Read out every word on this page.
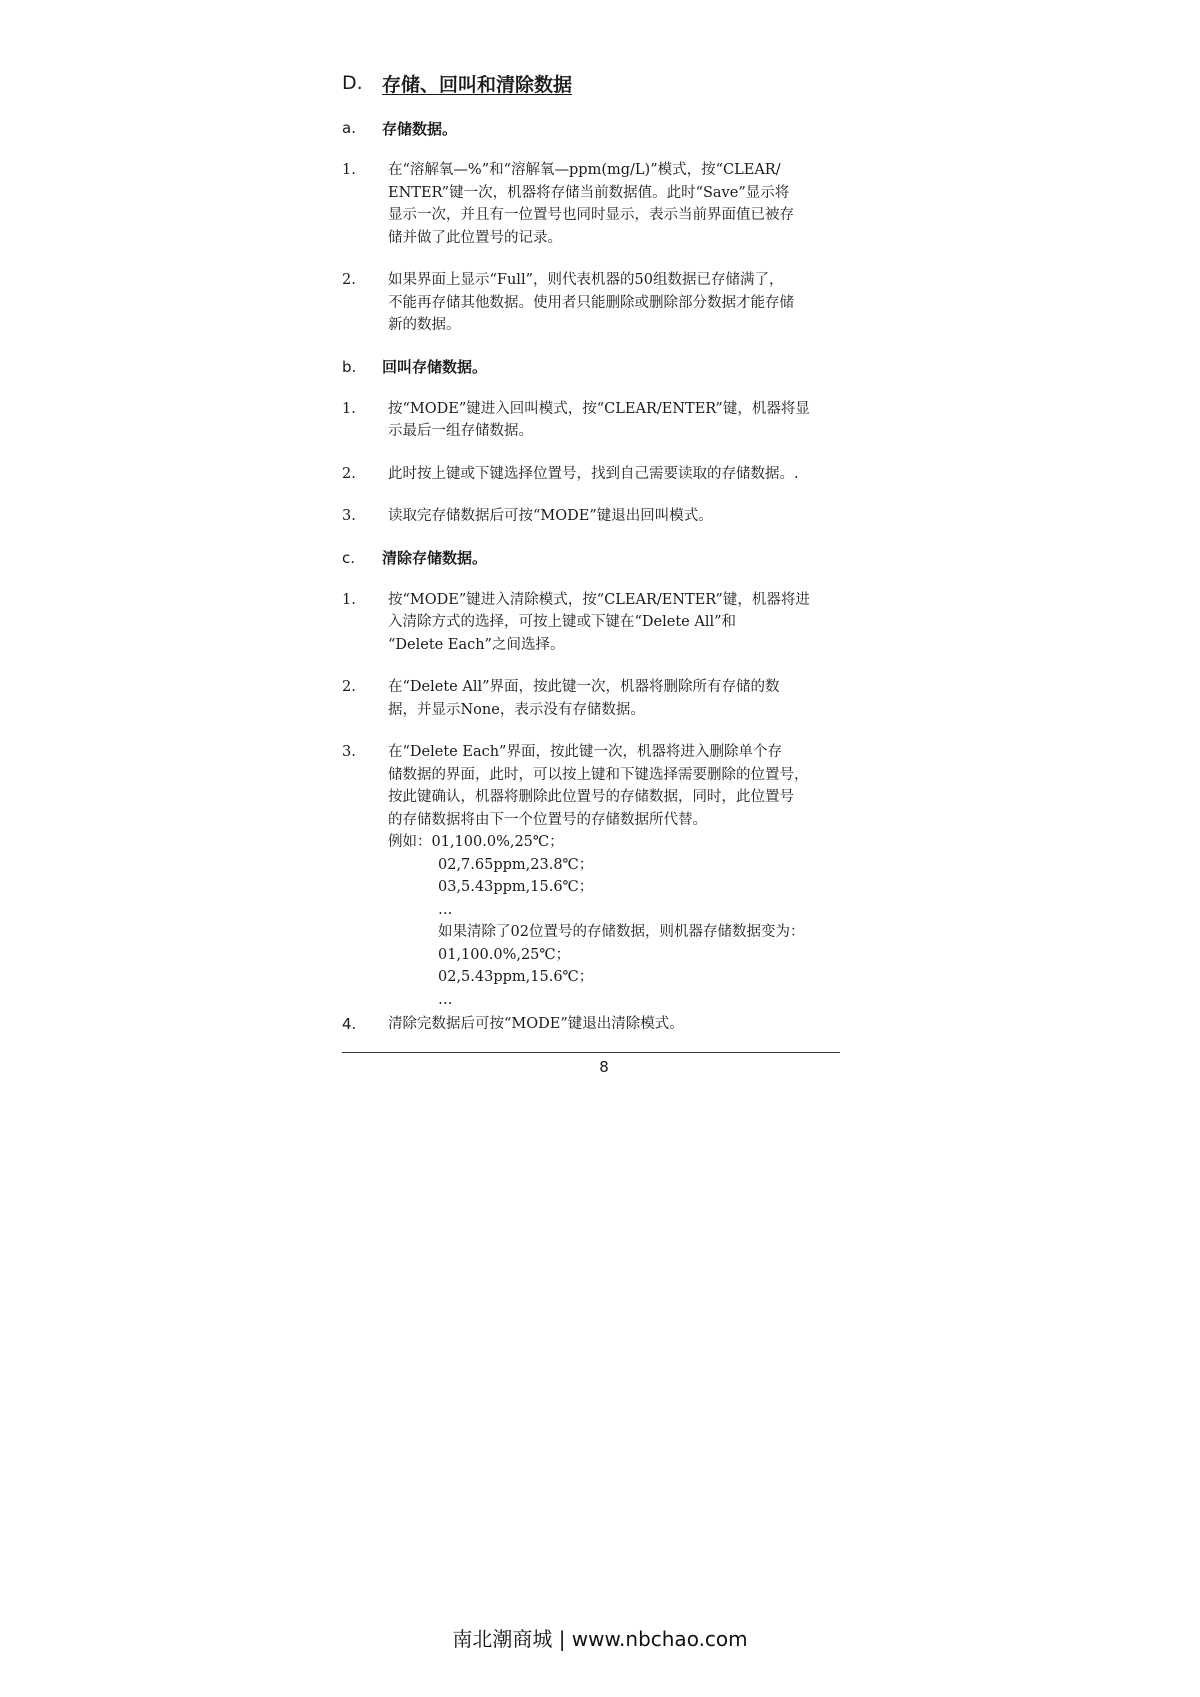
D.	存储、回叫和清除数据
a.	存储数据。
1.	在“溶解氧—%”和“溶解氧—ppm(mg/L)”模式，按“CLEAR/
ENTER”键一次，机器将存储当前数据值。此时“Save”显示将
显示一次，并且有一位置号也同时显示，表示当前界面值已被存
储并做了此位置号的记录。
2.	如果界面上显示“Full”，则代表机器的50组数据已存储满了，
不能再存储其他数据。使用者只能删除或删除部分数据才能存储
新的数据。
b.	回叫存储数据。
1.	按“MODE”键进入回叫模式，按“CLEAR/ENTER”键，机器将显
示最后一组存储数据。
2.	此时按上键或下键选择位置号，找到自己需要读取的存储数据。.
3.	读取完存储数据后可按“MODE”键退出回叫模式。
c.	清除存储数据。
1.	按“MODE”键进入清除模式，按“CLEAR/ENTER”键，机器将进
入清除方式的选择，可按上键或下键在“Delete All”和
“Delete Each”之间选择。
2.	在“Delete All”界面，按此键一次，机器将删除所有存储的数
据，并显示None，表示没有存储数据。
3.	在“Delete Each”界面，按此键一次，机器将进入删除单个存
储数据的界面，此时，可以按上键和下键选择需要删除的位置号，
按此键确认，机器将删除此位置号的存储数据，同时，此位置号
的存储数据将由下一个位置号的存储数据所代替。
例如：01,100.0%,25℃；
02,7.65ppm,23.8℃；
03,5.43ppm,15.6℃；
…
如果清除了02位置号的存储数据，则机器存储数据变为：
01,100.0%,25℃；
02,5.43ppm,15.6℃；
…
4.	清除完数据后可按“MODE”键退出清除模式。
8
南北潮商城 | www.nbchao.com
